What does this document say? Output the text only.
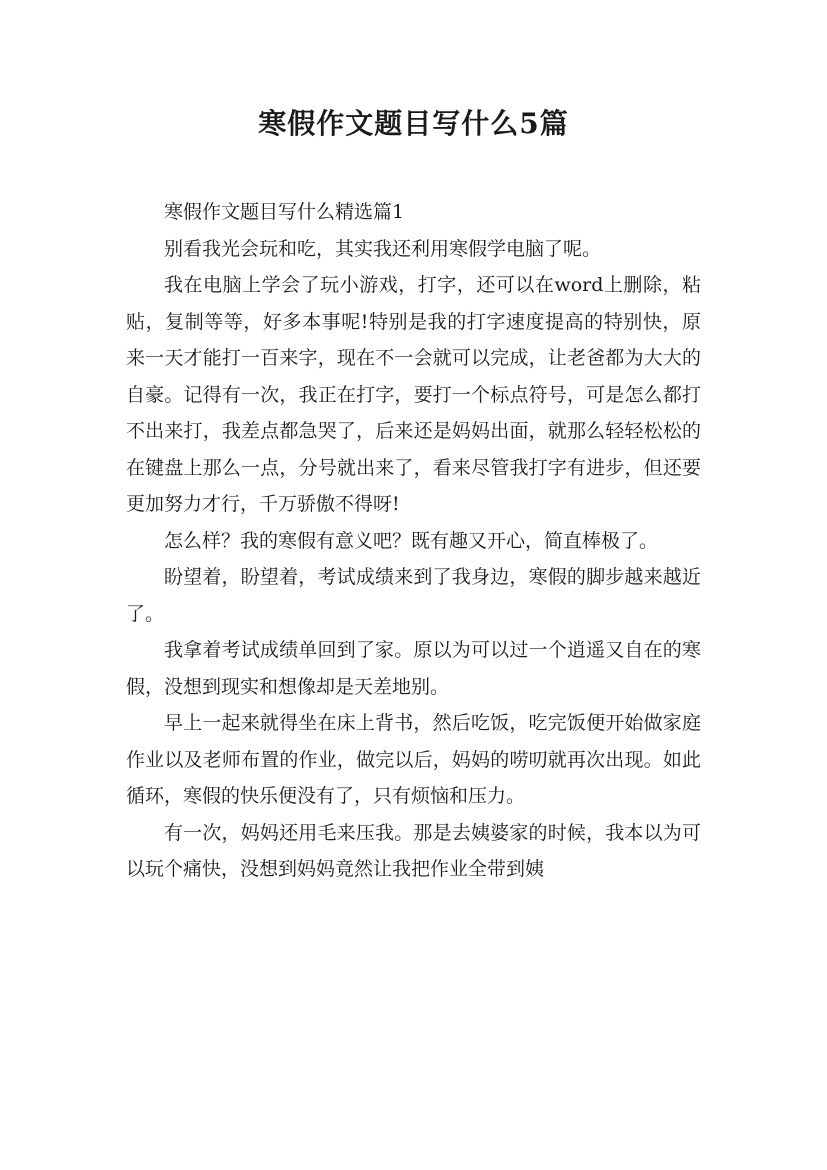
寒假作文题目写什么5篇

寒假作文题目写什么精选篇1

别看我光会玩和吃，其实我还利用寒假学电脑了呢。

我在电脑上学会了玩小游戏，打字，还可以在word上删除，粘贴，复制等等，好多本事呢!特别是我的打字速度提高的特别快，原来一天才能打一百来字，现在不一会就可以完成，让老爸都为大大的自豪。记得有一次，我正在打字，要打一个标点符号，可是怎么都打不出来打，我差点都急哭了，后来还是妈妈出面，就那么轻轻松松的在键盘上那么一点，分号就出来了，看来尽管我打字有进步，但还要更加努力才行，千万骄傲不得呀!

怎么样？我的寒假有意义吧？既有趣又开心，简直棒极了。

盼望着，盼望着，考试成绩来到了我身边，寒假的脚步越来越近了。

我拿着考试成绩单回到了家。原以为可以过一个逍遥又自在的寒假，没想到现实和想像却是天差地别。

早上一起来就得坐在床上背书，然后吃饭，吃完饭便开始做家庭作业以及老师布置的作业，做完以后，妈妈的唠叨就再次出现。如此循环，寒假的快乐便没有了，只有烦恼和压力。

有一次，妈妈还用毛来压我。那是去姨婆家的时候，我本以为可以玩个痛快，没想到妈妈竟然让我把作业全带到姨
